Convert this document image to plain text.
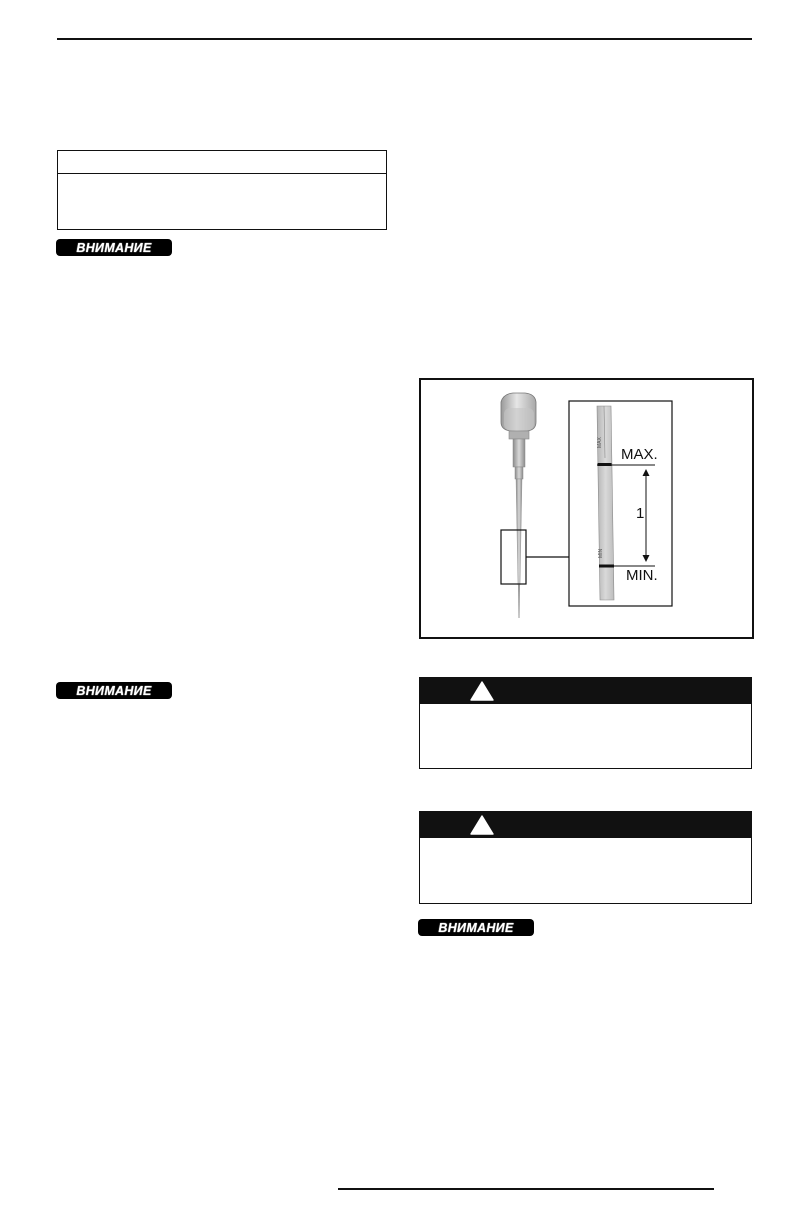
ВНИМАНИЕ
MAX
MIN
MAX.
MIN.
1
ВНИМАНИЕ
ВНИМАНИЕ
